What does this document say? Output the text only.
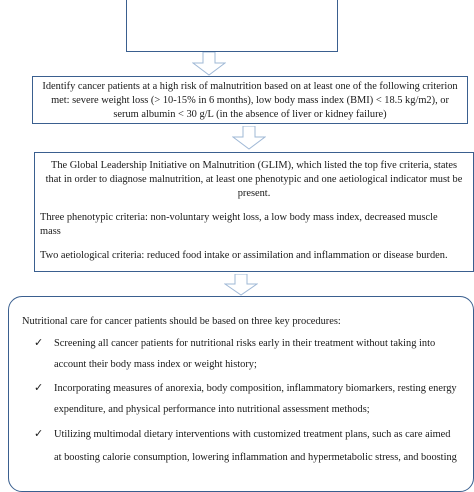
Identify cancer patients at a high risk of malnutrition based on at least one of the following criterion
met: severe weight loss (> 10-15% in 6 months), low body mass index (BMI) < 18.5 kg/m2), or
serum albumin < 30 g/L (in the absence of liver or kidney failure)
The Global Leadership Initiative on Malnutrition (GLIM), which listed the top five criteria, states
that in order to diagnose malnutrition, at least one phenotypic and one aetiological indicator must be
present.
Three phenotypic criteria: non-voluntary weight loss, a low body mass index, decreased muscle
mass
Two aetiological criteria: reduced food intake or assimilation and inflammation or disease burden.
Nutritional care for cancer patients should be based on three key procedures:
✓ Screening all cancer patients for nutritional risks early in their treatment without taking into
account their body mass index or weight history;
✓ Incorporating measures of anorexia, body composition, inflammatory biomarkers, resting energy
expenditure, and physical performance into nutritional assessment methods;
✓ Utilizing multimodal dietary interventions with customized treatment plans, such as care aimed
at boosting calorie consumption, lowering inflammation and hypermetabolic stress, and boosting
